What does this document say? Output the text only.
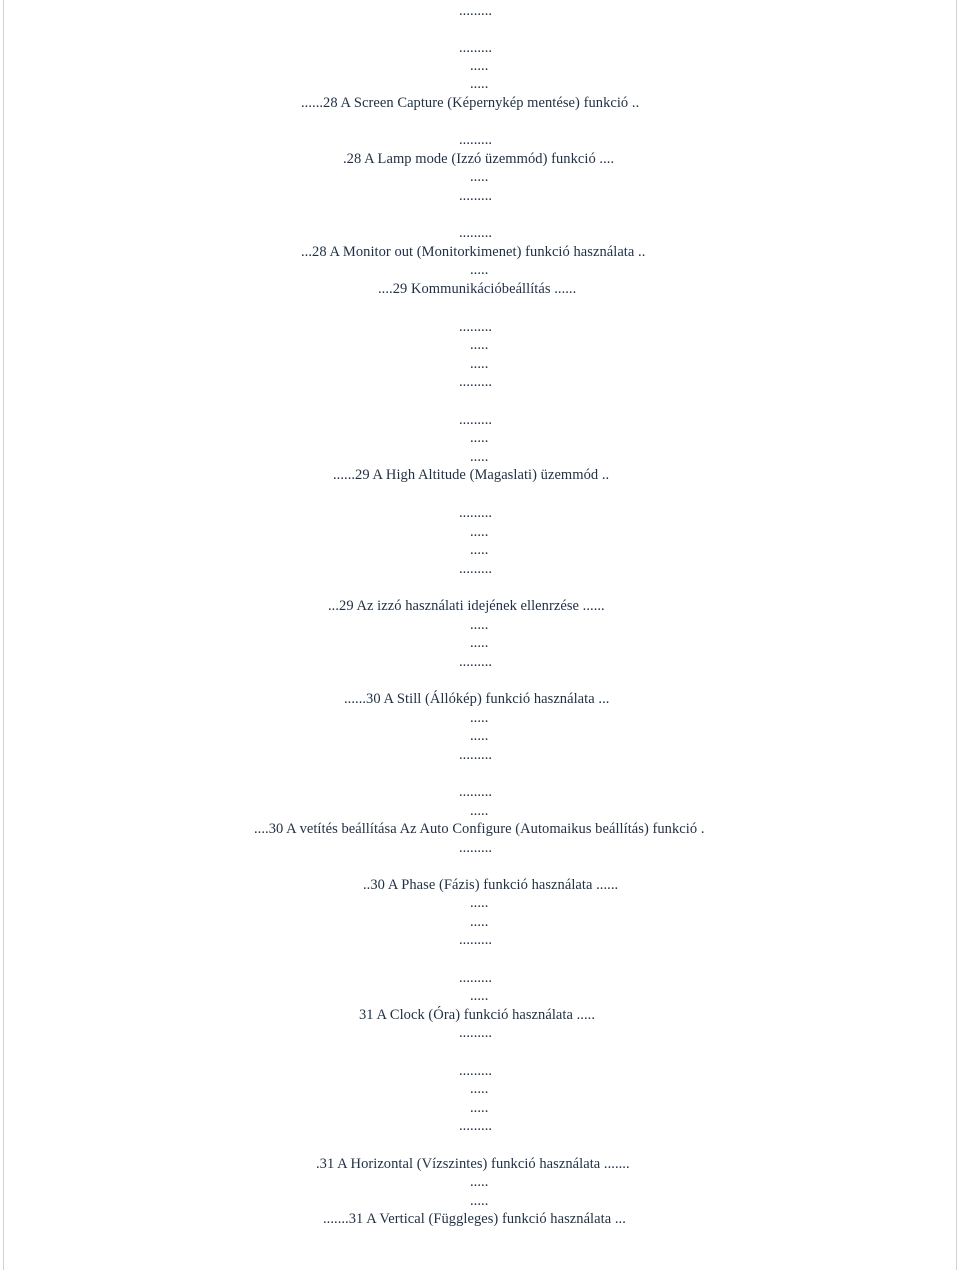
.........
.........
.....
.....
......28 A Screen Capture (Képernykép mentése) funkció ..
.........
.28 A Lamp mode (Izzó üzemmód) funkció ....
.....
.........
.........
...28 A Monitor out (Monitorkimenet) funkció használata ..
.....
....29 Kommunikációbeállítás ......
.........
.....
.....
.........
.........
.....
.....
......29 A High Altitude (Magaslati) üzemmód ..
.........
.....
.....
.........
...29 Az izzó használati idejének ellenrzése ......
.....
.....
.........
......30 A Still (Állókép) funkció használata ...
.....
.....
.........
.........
.....
....30 A vetítés beállítása Az Auto Configure (Automaikus beállítás) funkció .
.........
..30 A Phase (Fázis) funkció használata ......
.....
.....
.........
.........
.....
31 A Clock (Óra) funkció használata .....
.........
.........
.....
.....
.........
.31 A Horizontal (Vízszintes) funkció használata .......
.....
.....
.......31 A Vertical (Függleges) funkció használata ...
